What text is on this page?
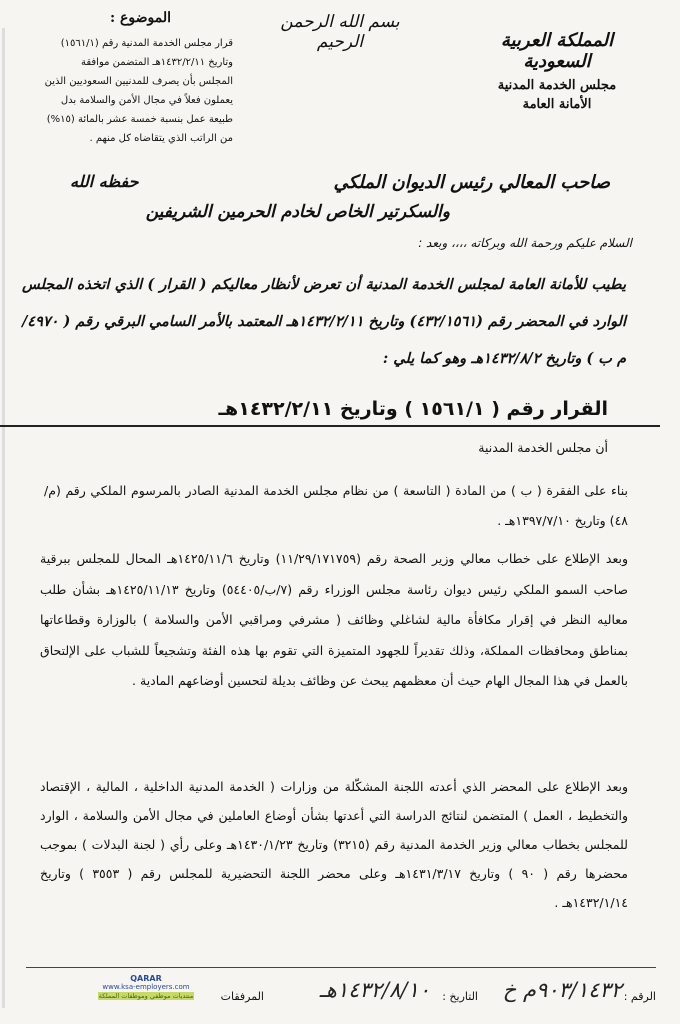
بسم الله الرحمن الرحيم	المملكة العربية السعودية
مجلس الخدمة المدنية
الأمانة العامة
الموضوع :
قرار مجلس الخدمة المدنية رقم (١٥٦١/١)
وتاريخ ١٤٣٢/٢/١١هـ المتضمن موافقة
المجلس بأن يصرف للمدنيين السعوديين الذين
يعملون فعلاً في مجال الأمن والسلامة بدل
طبيعة عمل بنسبة خمسة عشر بالمائة (١٥%)
من الراتب الذي يتقاضاه كل منهم .
صاحب المعالي رئيس الديوان الملكي
حفظه الله
والسكرتير الخاص لخادم الحرمين الشريفين
السلام عليكم ورحمة الله وبركاته ،،،، وبعد :
يطيب للأمانة العامة لمجلس الخدمة المدنية أن تعرض لأنظار معاليكم ( القرار ) الذي اتخذه المجلس الوارد في المحضر رقم (٤٣٢/١٥٦١) وتاريخ ١٤٣٢/٢/١١هـ المعتمد بالأمر السامي البرقي رقم ( ٤٩٧٠/م ب ) وتاريخ ١٤٣٢/٨/٢هـ وهو كما يلي :
القرار رقم ( ١٥٦١/١ ) وتاريخ ١٤٣٢/٢/١١هـ
أن مجلس الخدمة المدنية
بناء على الفقرة ( ب ) من المادة ( التاسعة ) من نظام مجلس الخدمة المدنية الصادر بالمرسوم الملكي رقم (م/٤٨) وتاريخ ١٣٩٧/٧/١٠هـ .
وبعد الإطلاع على خطاب معالي وزير الصحة رقم (١١/٢٩/١٧١٧٥٩) وتاريخ ١٤٢٥/١١/٦هـ المحال للمجلس ببرقية صاحب السمو الملكي رئيس ديوان رئاسة مجلس الوزراء رقم (٧/ب/٥٤٤٠٥) وتاريخ ١٤٢٥/١١/١٣هـ بشأن طلب معاليه النظر في إقرار مكافأة مالية لشاغلي وظائف ( مشرفي ومراقبي الأمن والسلامة ) بالوزارة وقطاعاتها بمناطق ومحافظات المملكة، وذلك تقديراً للجهود المتميزة التي تقوم بها هذه الفئة وتشجيعاً للشباب على الإلتحاق بالعمل في هذا المجال الهام حيث أن معظمهم يبحث عن وظائف بديلة لتحسين أوضاعهم المادية .
وبعد الإطلاع على المحضر الذي أعدته اللجنة المشكّلة من وزارات ( الخدمة المدنية الداخلية ، المالية ، الإقتصاد والتخطيط ، العمل ) المتضمن لنتائج الدراسة التي أعدتها بشأن أوضاع العاملين في مجال الأمن والسلامة ، الوارد للمجلس بخطاب معالي وزير الخدمة المدنية رقم (٣٢١٥) وتاريخ ١٤٣٠/١/٢٣هـ وعلى رأي ( لجنة البدلات ) بموجب محضرها رقم ( ٩٠ ) وتاريخ ١٤٣١/٣/١٧هـ وعلى محضر اللجنة التحضيرية للمجلس رقم ( ٣٥٥٣ ) وتاريخ ١٤٣٢/١/١٤هـ .
الرقم :
٩٠٣/١٤٣٢م خ
التاريخ :
١٤٣٢/٨/١٠هـ
المرفقات
QARAR
www.ksa-employers.com
منتديات موظفي وموظفات المملكة
